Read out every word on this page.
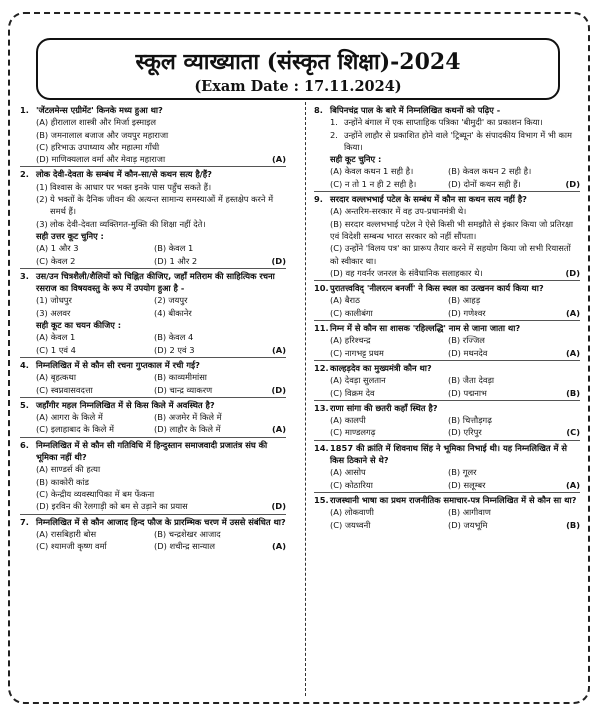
स्कूल व्याख्याता (संस्कृत शिक्षा)-2024
(Exam Date : 17.11.2024)
1. 'जेंटलमेन्स एग्रीमेंट' किनके मध्य हुआ था?
(A) हीरालाल शास्त्री और मिर्जा इस्माइल
(B) जमनालाल बजाज और जयपुर महाराजा
(C) हरिभाऊ उपाध्याय और महात्मा गाँधी
(D) माणिक्यलाल वर्मा और मेवाड़ महाराजा	(A)
2. लोक देवी-देवता के सम्बंध में कौन-सा/से कथन सत्य है/हैं?
(1) विश्वास के आधार पर भक्त इनके पास पहुँच सकते हैं।
(2) ये भक्तों के दैनिक जीवन की अत्यन्त सामान्य समस्याओं में हस्तक्षेप करने में समर्थ हैं।
(3) लोक देवी-देवता व्यक्तिगत-मुक्ति की शिक्षा नहीं देते।
सही उत्तर कूट चुनिए :
(A) 1 और 3	(B) केवल 1
(C) केवल 2	(D) 1 और 2	(D)
3. उस/उन चित्रशैली/शैलियों को चिह्नित कीजिए, जहाँ मतिराम की साहित्यिक रचना रसराज का विषयवस्तु के रूप में उपयोग हुआ है -
(1) जोधपुर	(2) जयपुर
(3) अलवर	(4) बीकानेर
सही कूट का चयन कीजिए :
(A) केवल 1	(B) केवल 4
(C) 1 एवं 4	(D) 2 एवं 3	(A)
4. निम्नलिखित में से कौन सी रचना गुप्तकाल में रची गई?
(A) बृहत्कथा	(B) काव्यमीमांसा
(C) स्वप्नवासवदत्ता	(D) चान्द्र व्याकरण	(D)
5. जहाँगीर महल निम्नलिखित में से किस किले में अवस्थित है?
(A) आगरा के किले में	(B) अजमेर में किले में
(C) इलाहाबाद के किले में	(D) लाहौर के किले में	(A)
6. निम्नलिखित में से कौन सी गतिविधि में हिन्दुस्तान समाजवादी प्रजातंत्र संघ की भूमिका नहीं थी?
(A) साण्डर्स की हत्या
(B) काकोरी कांड
(C) केन्द्रीय व्यवस्थापिका में बम फेंकना
(D) इरविन की रेलगाड़ी को बम से उड़ाने का प्रयास	(D)
7. निम्नलिखित में से कौन आजाद हिन्द फौज के प्रारम्भिक चरण में उससे संबंधित था?
(A) रासबिहारी बोस	(B) चन्द्रशेखर आजाद
(C) श्यामजी कृष्ण वर्मा	(D) शचीन्द्र सान्याल	(A)
8. बिपिनचंद्र पाल के बारे में निम्नलिखित कथनों को पढ़िए -
1. उन्होंने बंगाल में एक साप्ताहिक पत्रिका 'बीमुदी' का प्रकाशन किया।
2. उन्होंने लाहौर से प्रकाशित होने वाले 'ट्रिब्यून' के संपादकीय विभाग में भी काम किया।
सही कूट चुनिए :
(A) केवल कथन 1 सही है।	(B) केवल कथन 2 सही है।
(C) न तो 1 न ही 2 सही है।	(D) दोनों कथन सही हैं।	(D)
9. सरदार वल्लभभाई पटेल के सम्बंध में कौन सा कथन सत्य नहीं है?
(A) अन्तरिम-सरकार में वह उप-प्रधानमंत्री थे।
(B) सरदार वल्लभभाई पटेल ने ऐसे किसी भी समझौते से इंकार किया जो प्रतिरक्षा एवं विदेशी सम्बन्ध भारत सरकार को नहीं सौंपता।
(C) उन्होंने 'विलय पत्र' का प्रारूप तैयार करने में सहयोग किया जो सभी रियासतों को स्वीकार था।
(D) वह गवर्नर जनरल के संवैधानिक सलाहकार थे।	(D)
10. पुरातत्त्वविद् 'नीलरत्न बनर्जी' ने किस स्थल का उत्खनन कार्य किया था?
(A) बैराठ	(B) आहड़
(C) कालीबंगा	(D) गणेश्वर	(A)
11. निम्न में से कौन सा शासक 'रहिल्लद्धि' नाम से जाना जाता था?
(A) हरिश्चन्द्र	(B) रज्जिल
(C) नागभट्ट प्रथम	(D) मथनदेव	(A)
12. काल्हड़देव का मुख्यमंत्री कौन था?
(A) देवड़ा सुलतान	(B) जैता देवड़ा
(C) विक्रम देव	(D) पद्मनाभ	(B)
13. राणा सांगा की छतरी कहाँ स्थित है?
(A) कालपी	(B) चित्तौड़गढ़
(C) माण्डलगढ़	(D) एरिपुर	(C)
14. 1857 की क्रांति में शिवनाथ सिंह ने भूमिका निभाई थी। यह निम्नलिखित में से किस ठिकाने से थे?
(A) आसोप	(B) गूलर
(C) कोठारिया	(D) सलूम्बर	(A)
15. राजस्थानी भाषा का प्रथम राजनीतिक समाचार-पत्र निम्नलिखित में से कौन सा था?
(A) लोकवाणी	(B) आगीवाण
(C) जयध्वनी	(D) जयभूमि	(B)
